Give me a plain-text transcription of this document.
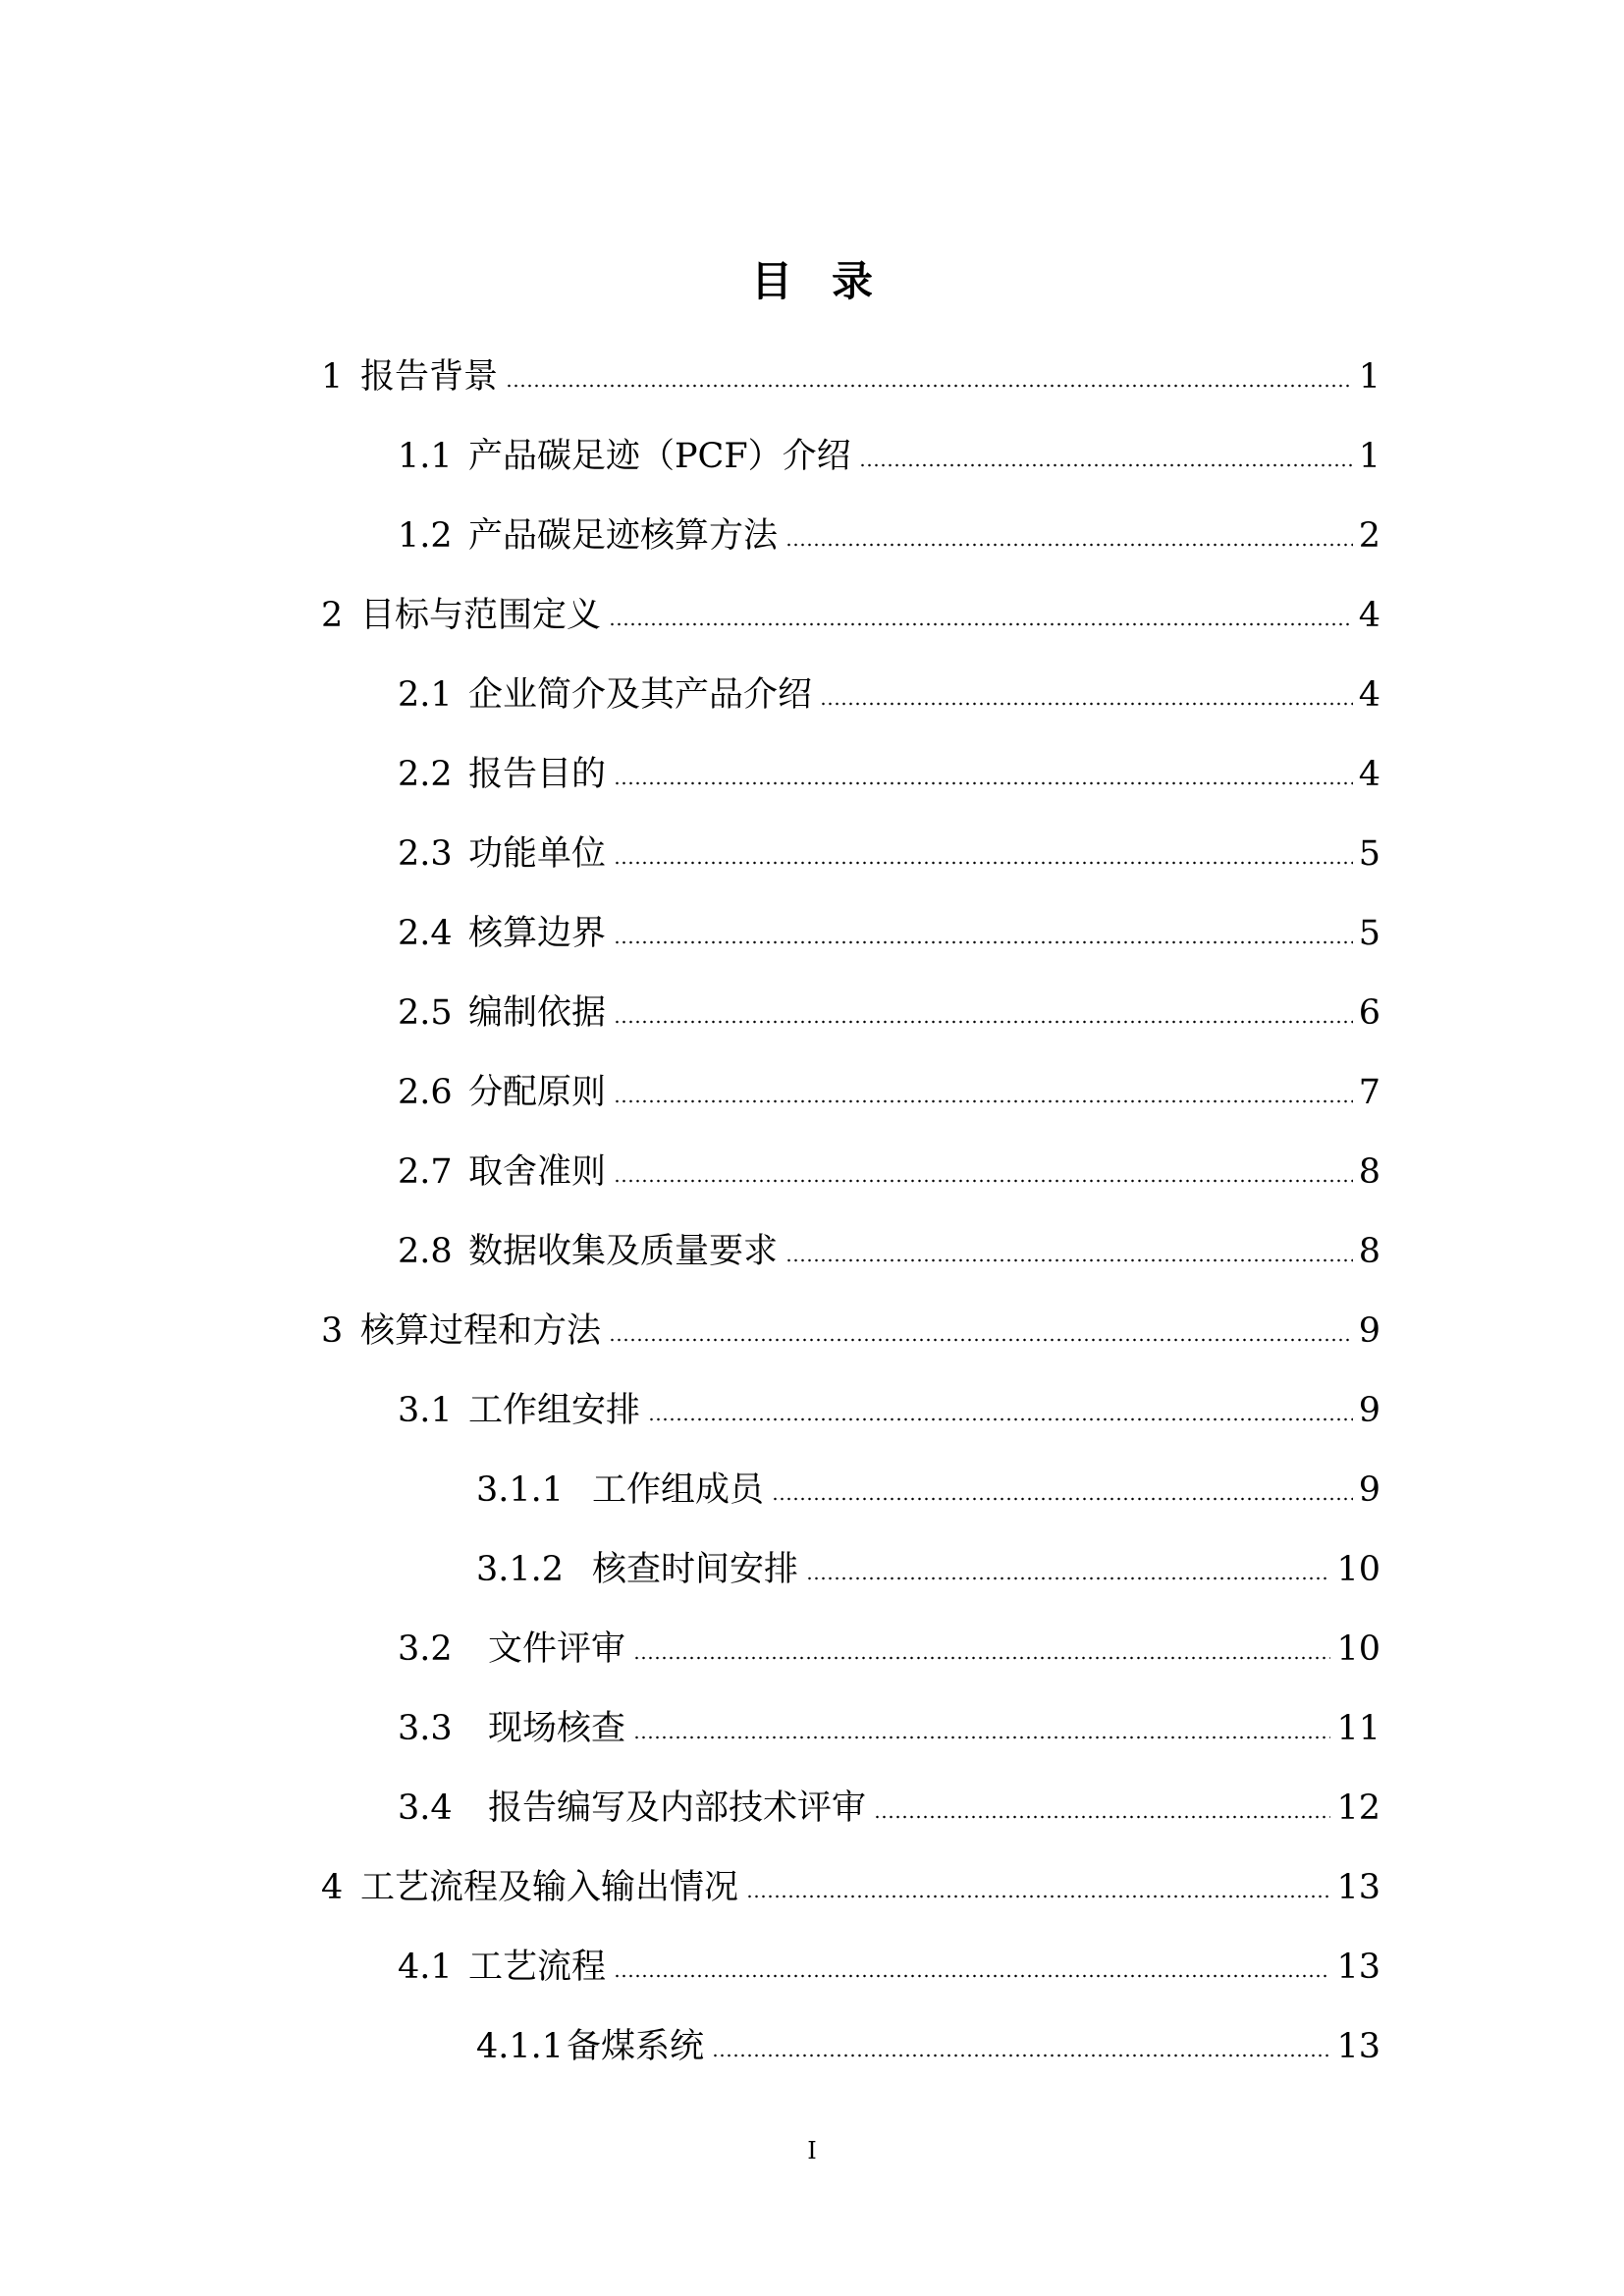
目录
1 报告背景	1
1.1 产品碳足迹（PCF）介绍	1
1.2 产品碳足迹核算方法	2
2 目标与范围定义	4
2.1 企业简介及其产品介绍	4
2.2 报告目的	4
2.3 功能单位	5
2.4 核算边界	5
2.5 编制依据	6
2.6 分配原则	7
2.7 取舍准则	8
2.8 数据收集及质量要求	8
3 核算过程和方法	9
3.1 工作组安排	9
3.1.1 工作组成员	9
3.1.2 核查时间安排	10
3.2	文件评审	10
3.3	现场核查	11
3.4	报告编写及内部技术评审	12
4 工艺流程及输入输出情况	13
4.1 工艺流程	13
4.1.1 备煤系统	13
I
